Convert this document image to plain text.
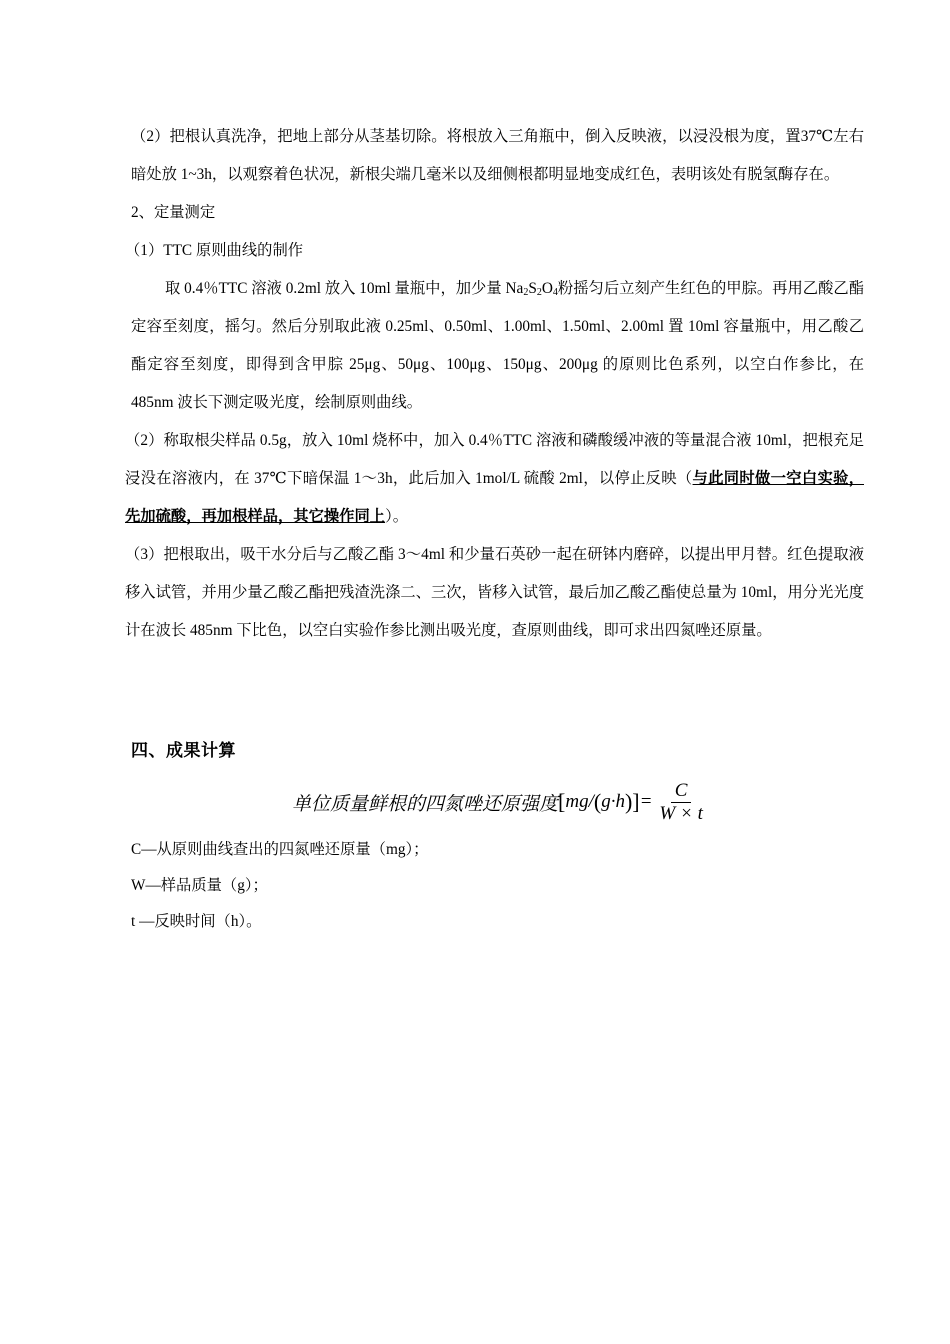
（2）把根认真洗净，把地上部分从茎基切除。将根放入三角瓶中，倒入反映液，以浸没根为度，置37℃左右暗处放 1~3h，以观察着色状况，新根尖端几毫米以及细侧根都明显地变成红色，表明该处有脱氢酶存在。

2、定量测定

（1）TTC 原则曲线的制作

取 0.4％TTC 溶液 0.2ml 放入 10ml 量瓶中，加少量 $Na_2S_2O_4$粉摇匀后立刻产生红色的甲腙。再用乙酸乙酯定容至刻度，摇匀。然后分别取此液 0.25ml、0.50ml、1.00ml、1.50ml、2.00ml 置 10ml 容量瓶中，用乙酸乙酯定容至刻度，即得到含甲腙 25μg、50μg、100μg、150μg、200μg 的原则比色系列，以空白作参比，在 485nm 波长下测定吸光度，绘制原则曲线。

（2）称取根尖样品 0.5g，放入 10ml 烧杯中，加入 0.4％TTC 溶液和磷酸缓冲液的等量混合液 10ml，把根充足浸没在溶液内，在 37℃下暗保温 1～3h，此后加入 1mol/L 硫酸 2ml，以停止反映（与此同时做一空白实验，先加硫酸，再加根样品，其它操作同上）。

（3）把根取出，吸干水分后与乙酸乙酯 3～4ml 和少量石英砂一起在研钵内磨碎，以提出甲月替。红色提取液移入试管，并用少量乙酸乙酯把残渣洗涤二、三次，皆移入试管，最后加乙酸乙酯使总量为 10ml，用分光光度计在波长 485nm 下比色，以空白实验作参比测出吸光度，查原则曲线，即可求出四氮唑还原量。

四、成果计算
单位质量鲜根的四氮唑还原强度 [ mg / ( g · h ) ] = $\frac{C}{W \times t}$

C—从原则曲线查出的四氮唑还原量（mg）；

W—样品质量（g）；

t —反映时间（h）。
